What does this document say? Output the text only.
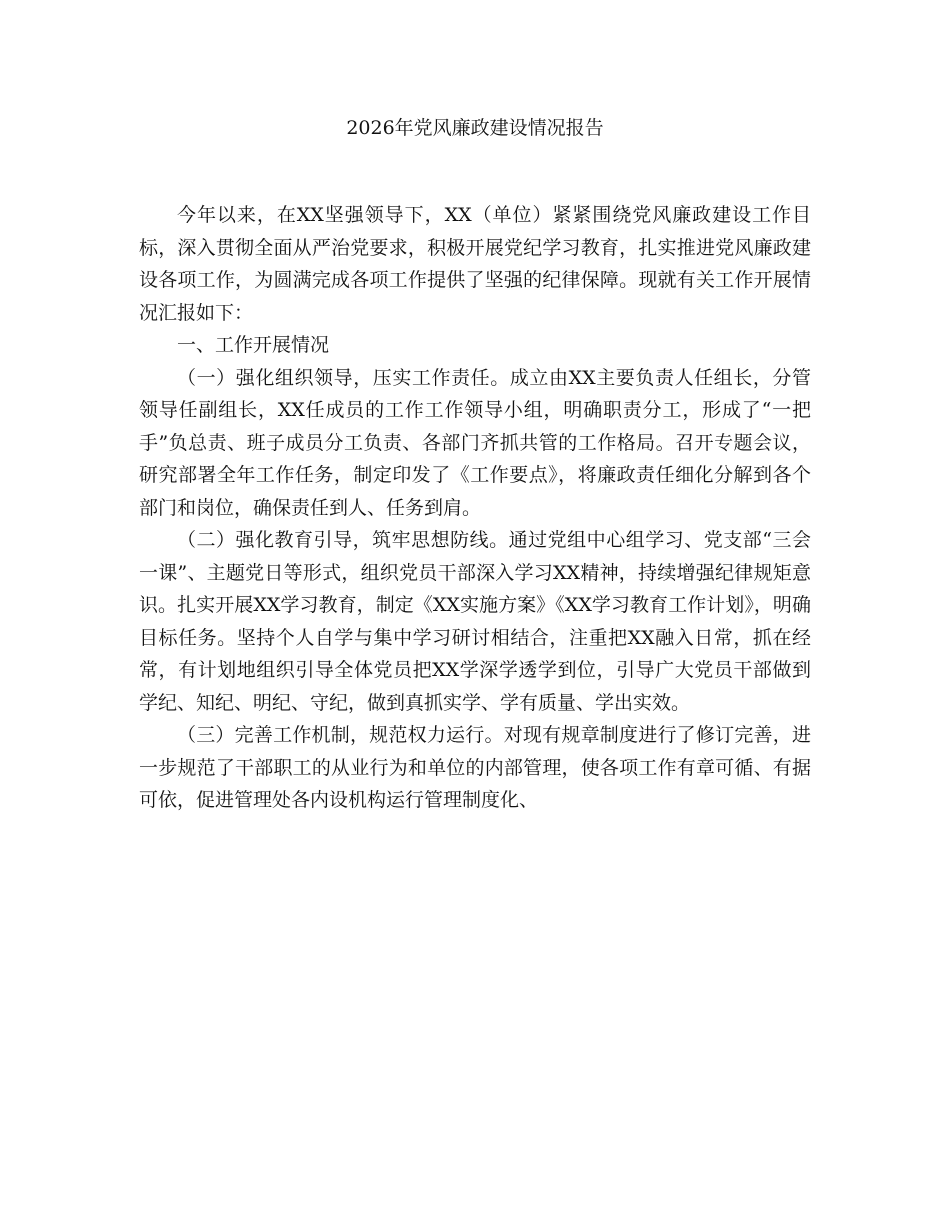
2026年党风廉政建设情况报告

今年以来，在XX坚强领导下，XX（单位）紧紧围绕党风廉政建设工作目标，深入贯彻全面从严治党要求，积极开展党纪学习教育，扎实推进党风廉政建设各项工作，为圆满完成各项工作提供了坚强的纪律保障。现就有关工作开展情况汇报如下：

一、工作开展情况

（一）强化组织领导，压实工作责任。成立由XX主要负责人任组长，分管领导任副组长，XX任成员的工作工作领导小组，明确职责分工，形成了“一把手”负总责、班子成员分工负责、各部门齐抓共管的工作格局。召开专题会议，研究部署全年工作任务，制定印发了《工作要点》，将廉政责任细化分解到各个部门和岗位，确保责任到人、任务到肩。

（二）强化教育引导，筑牢思想防线。通过党组中心组学习、党支部“三会一课”、主题党日等形式，组织党员干部深入学习XX精神，持续增强纪律规矩意识。扎实开展XX学习教育，制定《XX实施方案》《XX学习教育工作计划》，明确目标任务。坚持个人自学与集中学习研讨相结合，注重把XX融入日常，抓在经常，有计划地组织引导全体党员把XX学深学透学到位，引导广大党员干部做到学纪、知纪、明纪、守纪，做到真抓实学、学有质量、学出实效。

（三）完善工作机制，规范权力运行。对现有规章制度进行了修订完善，进一步规范了干部职工的从业行为和单位的内部管理，使各项工作有章可循、有据可依，促进管理处各内设机构运行管理制度化、
